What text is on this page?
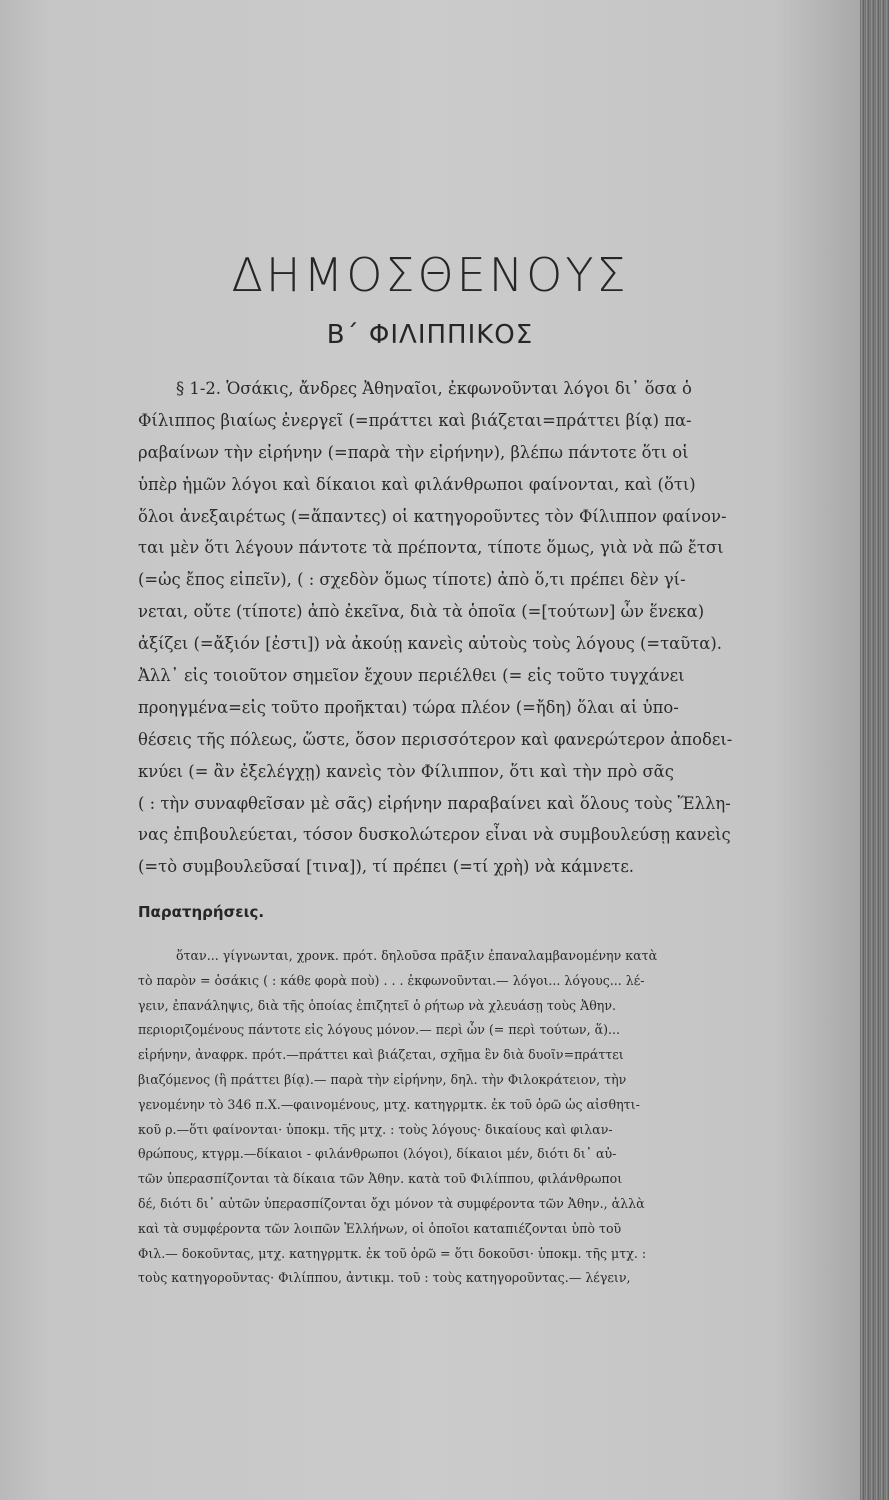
ΔΗΜΟΣΘΕΝΟΥΣ
Β΄ ΦΙΛΙΠΠΙΚΟΣ
§ 1-2. Ὁσάκις, ἄνδρες Ἀθηναῖοι, ἐκφωνοῦνται λόγοι δι᾽ ὅσα ὁ
Φίλιππος βιαίως ἐνεργεῖ (=πράττει καὶ βιάζεται=πράττει βίᾳ) πα-
ραβαίνων τὴν εἰρήνην (=παρὰ τὴν εἰρήνην), βλέπω πάντοτε ὅτι οἱ
ὑπὲρ ἡμῶν λόγοι καὶ δίκαιοι καὶ φιλάνθρωποι φαίνονται, καὶ (ὅτι)
ὅλοι ἀνεξαιρέτως (=ἅπαντες) οἱ κατηγοροῦντες τὸν Φίλιππον φαίνον-
ται μὲν ὅτι λέγουν πάντοτε τὰ πρέποντα, τίποτε ὅμως, γιὰ νὰ πῶ ἔτσι
(=ὡς ἔπος εἰπεῖν), ( : σχεδὸν ὅμως τίποτε) ἀπὸ ὅ,τι πρέπει δὲν γί-
νεται, οὔτε (τίποτε) ἀπὸ ἐκεῖνα, διὰ τὰ ὁποῖα (=[τούτων] ὧν ἕνεκα)
ἀξίζει (=ἄξιόν [ἐστι]) νὰ ἀκούῃ κανεὶς αὐτοὺς τοὺς λόγους (=ταῦτα).
Ἀλλ᾽ εἰς τοιοῦτον σημεῖον ἔχουν περιέλθει (= εἰς τοῦτο τυγχάνει
προηγμένα=εἰς τοῦτο προῆκται) τώρα πλέον (=ἤδη) ὅλαι αἱ ὑπο-
θέσεις τῆς πόλεως, ὥστε, ὅσον περισσότερον καὶ φανερώτερον ἀποδει-
κνύει (= ἂν ἐξελέγχῃ) κανεὶς τὸν Φίλιππον, ὅτι καὶ τὴν πρὸ σᾶς
( : τὴν συναφθεῖσαν μὲ σᾶς) εἰρήνην παραβαίνει καὶ ὅλους τοὺς Ἕλλη-
νας ἐπιβουλεύεται, τόσον δυσκολώτερον εἶναι νὰ συμβουλεύσῃ κανεὶς
(=τὸ συμβουλεῦσαί [τινα]), τί πρέπει (=τί χρὴ) νὰ κάμνετε.
Παρατηρήσεις.
ὅταν... γίγνωνται, χρονκ. πρότ. δηλοῦσα πρᾶξιν ἐπαναλαμβανομένην κατὰ
τὸ παρὸν = ὁσάκις ( : κάθε φορὰ ποὺ) . . . ἐκφωνοῦνται.— λόγοι... λόγους... λέ-
γειν, ἐπανάληψις, διὰ τῆς ὁποίας ἐπιζητεῖ ὁ ρήτωρ νὰ χλευάσῃ τοὺς Ἀθην.
περιοριζομένους πάντοτε εἰς λόγους μόνον.— περὶ ὧν (= περὶ τούτων, ἅ)...
εἰρήνην, ἀναφρκ. πρότ.—πράττει καὶ βιάζεται, σχῆμα ἓν διὰ δυοῖν=πράττει
βιαζόμενος (ἢ πράττει βίᾳ).— παρὰ τὴν εἰρήνην, δηλ. τὴν Φιλοκράτειον, τὴν
γενομένην τὸ 346 π.Χ.—φαινομένους, μτχ. κατηγρμτκ. ἐκ τοῦ ὁρῶ ὡς αἰσθητι-
κοῦ ρ.—ὅτι φαίνονται· ὑποκμ. τῆς μτχ. : τοὺς λόγους· δικαίους καὶ φιλαν-
θρώπους, κτγρμ.—δίκαιοι - φιλάνθρωποι (λόγοι), δίκαιοι μέν, διότι δι᾽ αὐ-
τῶν ὑπερασπίζονται τὰ δίκαια τῶν Ἀθην. κατὰ τοῦ Φιλίππου, φιλάνθρωποι
δέ, διότι δι᾽ αὐτῶν ὑπερασπίζονται ὄχι μόνον τὰ συμφέροντα τῶν Ἀθην., ἀλλὰ
καὶ τὰ συμφέροντα τῶν λοιπῶν Ἑλλήνων, οἱ ὁποῖοι καταπιέζονται ὑπὸ τοῦ
Φιλ.— δοκοῦντας, μτχ. κατηγρμτκ. ἐκ τοῦ ὁρῶ = ὅτι δοκοῦσι· ὑποκμ. τῆς μτχ. :
τοὺς κατηγοροῦντας· Φιλίππου, ἀντικμ. τοῦ : τοὺς κατηγοροῦντας.— λέγειν,
